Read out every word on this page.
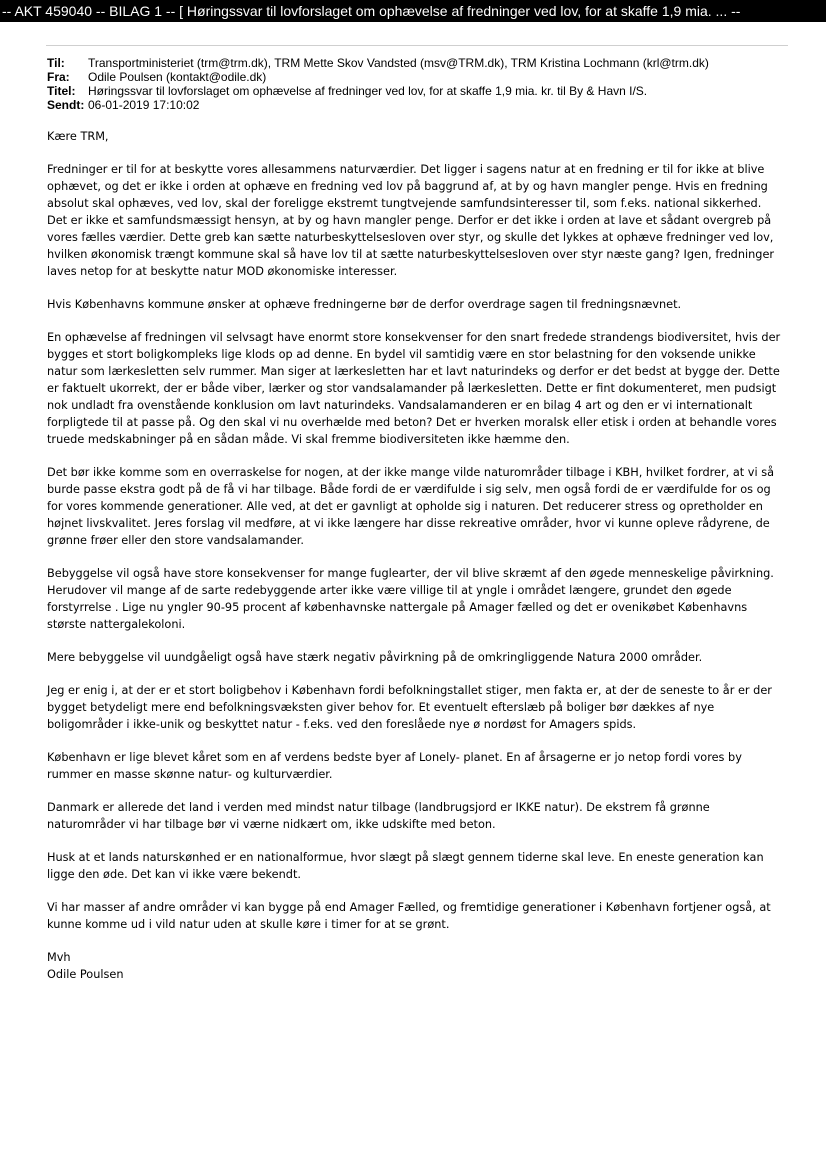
-- AKT 459040 -- BILAG 1 -- [ Høringssvar til lovforslaget om ophævelse af fredninger ved lov, for at skaffe 1,9 mia. ... --
Til: Transportministeriet (trm@trm.dk), TRM Mette Skov Vandsted (msv@TRM.dk), TRM Kristina Lochmann (krl@trm.dk)
Fra: Odile Poulsen (kontakt@odile.dk)
Titel: Høringssvar til lovforslaget om ophævelse af fredninger ved lov, for at skaffe 1,9 mia. kr. til By & Havn I/S.
Sendt: 06-01-2019 17:10:02
Kære TRM,

Fredninger er til for at beskytte vores allesammens naturværdier. Det ligger i sagens natur at en fredning er til for ikke at blive ophævet, og det er ikke i orden at ophæve en fredning ved lov på baggrund af, at by og havn mangler penge. Hvis en fredning absolut skal ophæves, ved lov, skal der foreligge ekstremt tungtvejende samfundsinteresser til, som f.eks. national sikkerhed. Det er ikke et samfundsmæssigt hensyn, at by og havn mangler penge. Derfor er det ikke i orden at lave et sådant overgreb på vores fælles værdier. Dette greb kan sætte naturbeskyttelsesloven over styr, og skulle det lykkes at ophæve fredninger ved lov, hvilken økonomisk trængt kommune skal så have lov til at sætte naturbeskyttelsesloven over styr næste gang? Igen, fredninger laves netop for at beskytte natur MOD økonomiske interesser.

Hvis Københavns kommune ønsker at ophæve fredningerne bør de derfor overdrage sagen til fredningsnævnet.

En ophævelse af fredningen vil selvsagt have enormt store konsekvenser for den snart fredede strandengs biodiversitet, hvis der bygges et stort boligkompleks lige klods op ad denne. En bydel vil samtidig være en stor belastning for den voksende unikke natur som lærkesletten selv rummer. Man siger at lærkesletten har et lavt naturindeks og derfor er det bedst at bygge der. Dette er faktuelt ukorrekt, der er både viber, lærker og stor vandsalamander på lærkesletten. Dette er fint dokumenteret, men pudsigt nok undladt fra ovenstående konklusion om lavt naturindeks. Vandsalamanderen er en bilag 4 art og den er vi internationalt forpligtede til at passe på. Og den skal vi nu overhælde med beton? Det er hverken moralsk eller etisk i orden at behandle vores truede medskabninger på en sådan måde. Vi skal fremme biodiversiteten ikke hæmme den.

Det bør ikke komme som en overraskelse for nogen, at der ikke mange vilde naturområder tilbage i KBH, hvilket fordrer, at vi så burde passe ekstra godt på de få vi har tilbage. Både fordi de er værdifulde i sig selv, men også fordi de er værdifulde for os og for vores kommende generationer. Alle ved, at det er gavnligt at opholde sig i naturen. Det reducerer stress og opretholder en højnet livskvalitet. Jeres forslag vil medføre, at vi ikke længere har disse rekreative områder, hvor vi kunne opleve rådyrene, de grønne frøer eller den store vandsalamander.

Bebyggelse vil også have store konsekvenser for mange fuglearter, der vil blive skræmt af den øgede menneskelige påvirkning. Herudover vil mange af de sarte redebyggende arter ikke være villige til at yngle i området længere, grundet den øgede forstyrrelse . Lige nu yngler 90-95 procent af københavnske nattergale på Amager fælled og det er ovenikøbet Københavns største nattergalekoloni.

Mere bebyggelse vil uundgåeligt også have stærk negativ påvirkning på de omkringliggende Natura 2000 områder.

Jeg er enig i, at der er et stort boligbehov i København fordi befolkningstallet stiger, men fakta er, at der de seneste to år er der bygget betydeligt mere end befolkningsvæksten giver behov for. Et eventuelt efterslæb på boliger bør dækkes af nye boligområder i ikke-unik og beskyttet natur - f.eks. ved den foreslåede nye ø nordøst for Amagers spids.

København er lige blevet kåret som en af verdens bedste byer af Lonely- planet. En af årsagerne er jo netop fordi vores by rummer en masse skønne natur- og kulturværdier.

Danmark er allerede det land i verden med mindst natur tilbage (landbrugsjord er IKKE natur). De ekstrem få grønne naturområder vi har tilbage bør vi værne nidkært om, ikke udskifte med beton.

Husk at et lands naturskønhed er en nationalformue, hvor slægt på slægt gennem tiderne skal leve. En eneste generation kan ligge den øde. Det kan vi ikke være bekendt.

Vi har masser af andre områder vi kan bygge på end Amager Fælled, og fremtidige generationer i København fortjener også, at kunne komme ud i vild natur uden at skulle køre i timer for at se grønt.

Mvh
Odile Poulsen
